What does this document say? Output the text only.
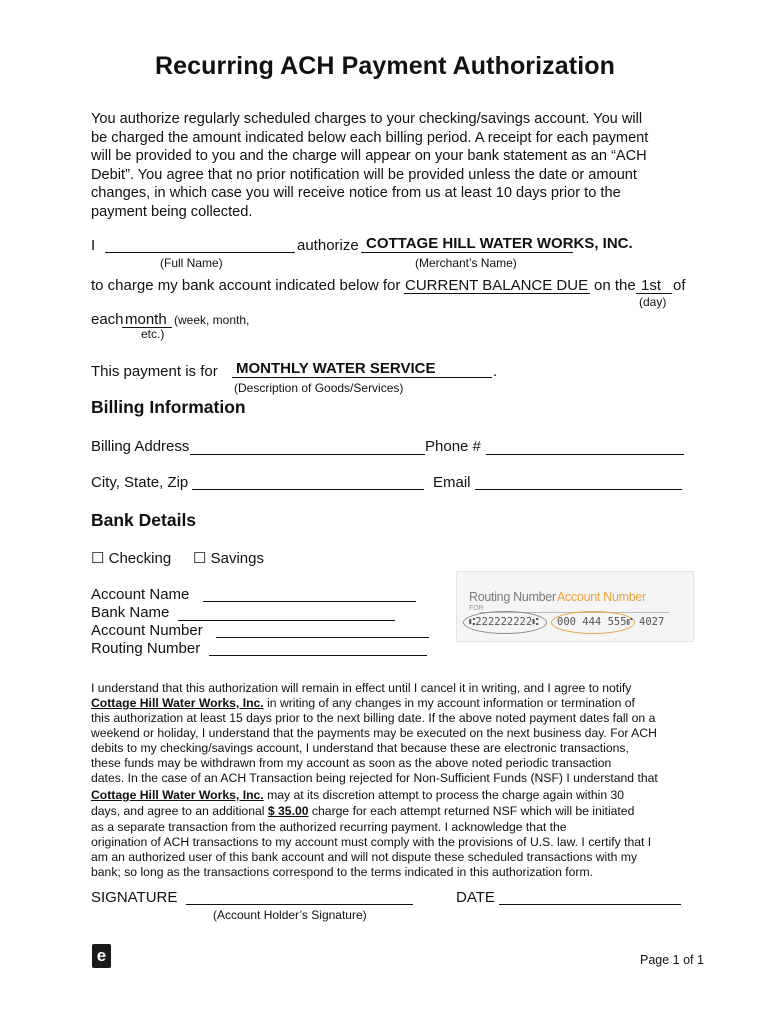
Recurring ACH Payment Authorization
You authorize regularly scheduled charges to your checking/savings account. You will
be charged the amount indicated below each billing period. A receipt for each payment
will be provided to you and the charge will appear on your bank statement as an “ACH
Debit”. You agree that no prior notification will be provided unless the date or amount
changes, in which case you will receive notice from us at least 10 days prior to the
payment being collected.
I	authorize COTTAGE HILL WATER WORKS, INC.
(Full Name)	(Merchant’s Name)
to charge my bank account indicated below for CURRENT BALANCE DUE on the 1st of
(day)
each month (week, month,
etc.)
This payment is for MONTHLY WATER SERVICE	.
(Description of Goods/Services)
Billing Information
Billing Address	Phone #
City, State, Zip	Email
Bank Details
☐ Checking ☐ Savings
Account Name
Bank Name
Account Number
Routing Number
Routing Number Account Number
FOR
⑆222222222⑆ 000 444 555⑈ 4027
I understand that this authorization will remain in effect until I cancel it in writing, and I agree to notify
Cottage Hill Water Works, Inc. in writing of any changes in my account information or termination of
this authorization at least 15 days prior to the next billing date. If the above noted payment dates fall on a
weekend or holiday, I understand that the payments may be executed on the next business day. For ACH
debits to my checking/savings account, I understand that because these are electronic transactions,
these funds may be withdrawn from my account as soon as the above noted periodic transaction
dates. In the case of an ACH Transaction being rejected for Non-Sufficient Funds (NSF) I understand that
Cottage Hill Water Works, Inc. may at its discretion attempt to process the charge again within 30
days, and agree to an additional $ 35.00 charge for each attempt returned NSF which will be initiated
as a separate transaction from the authorized recurring payment. I acknowledge that the
origination of ACH transactions to my account must comply with the provisions of U.S. law. I certify that I
am an authorized user of this bank account and will not dispute these scheduled transactions with my
bank; so long as the transactions correspond to the terms indicated in this authorization form.
SIGNATURE
(Account Holder’s Signature)
DATE
e	Page 1 of 1
